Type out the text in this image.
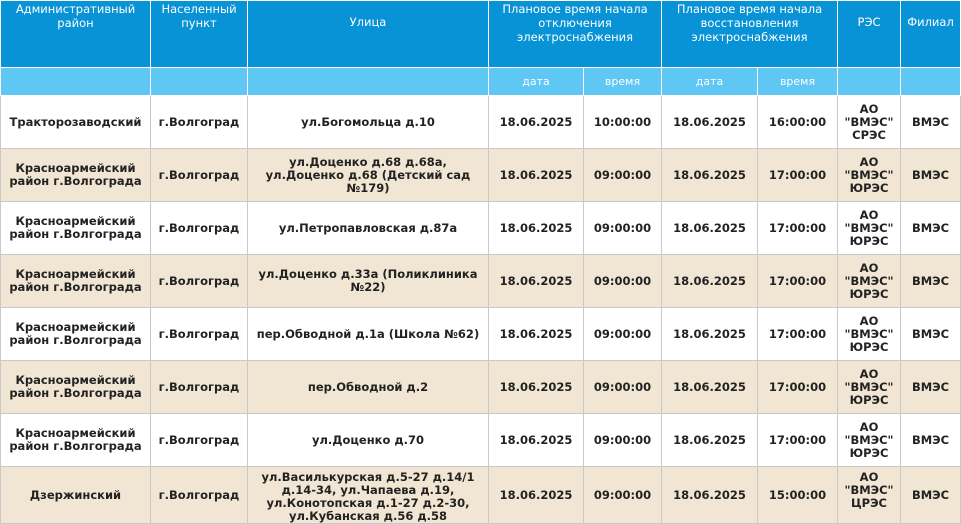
Административный район	Населенный пункт	Улица	Плановое время начала отключения электроснабжения		Плановое время начала восстановления электроснабжения		РЭС	Филиал
			дата	время	дата	время		
Тракторозаводский	г.Волгоград	ул.Богомольца д.10	18.06.2025	10:00:00	18.06.2025	16:00:00	АО "ВМЭС" СРЭС	ВМЭС
Красноармейский район г.Волгограда	г.Волгоград	ул.Доценко д.68 д.68а, ул.Доценко д.68 (Детский сад №179)	18.06.2025	09:00:00	18.06.2025	17:00:00	АО "ВМЭС" ЮРЭС	ВМЭС
Красноармейский район г.Волгограда	г.Волгоград	ул.Петропавловская д.87а	18.06.2025	09:00:00	18.06.2025	17:00:00	АО "ВМЭС" ЮРЭС	ВМЭС
Красноармейский район г.Волгограда	г.Волгоград	ул.Доценко д.33а (Поликлиника №22)	18.06.2025	09:00:00	18.06.2025	17:00:00	АО "ВМЭС" ЮРЭС	ВМЭС
Красноармейский район г.Волгограда	г.Волгоград	пер.Обводной д.1а (Школа №62)	18.06.2025	09:00:00	18.06.2025	17:00:00	АО "ВМЭС" ЮРЭС	ВМЭС
Красноармейский район г.Волгограда	г.Волгоград	пер.Обводной д.2	18.06.2025	09:00:00	18.06.2025	17:00:00	АО "ВМЭС" ЮРЭС	ВМЭС
Красноармейский район г.Волгограда	г.Волгоград	ул.Доценко д.70	18.06.2025	09:00:00	18.06.2025	17:00:00	АО "ВМЭС" ЮРЭС	ВМЭС
Дзержинский	г.Волгоград	ул.Василькурская д.5-27 д.14/1 д.14-34, ул.Чапаева д.19, ул.Конотопская д.1-27 д.2-30, ул.Кубанская д.56 д.58	18.06.2025	09:00:00	18.06.2025	15:00:00	АО "ВМЭС" ЦРЭС	ВМЭС
